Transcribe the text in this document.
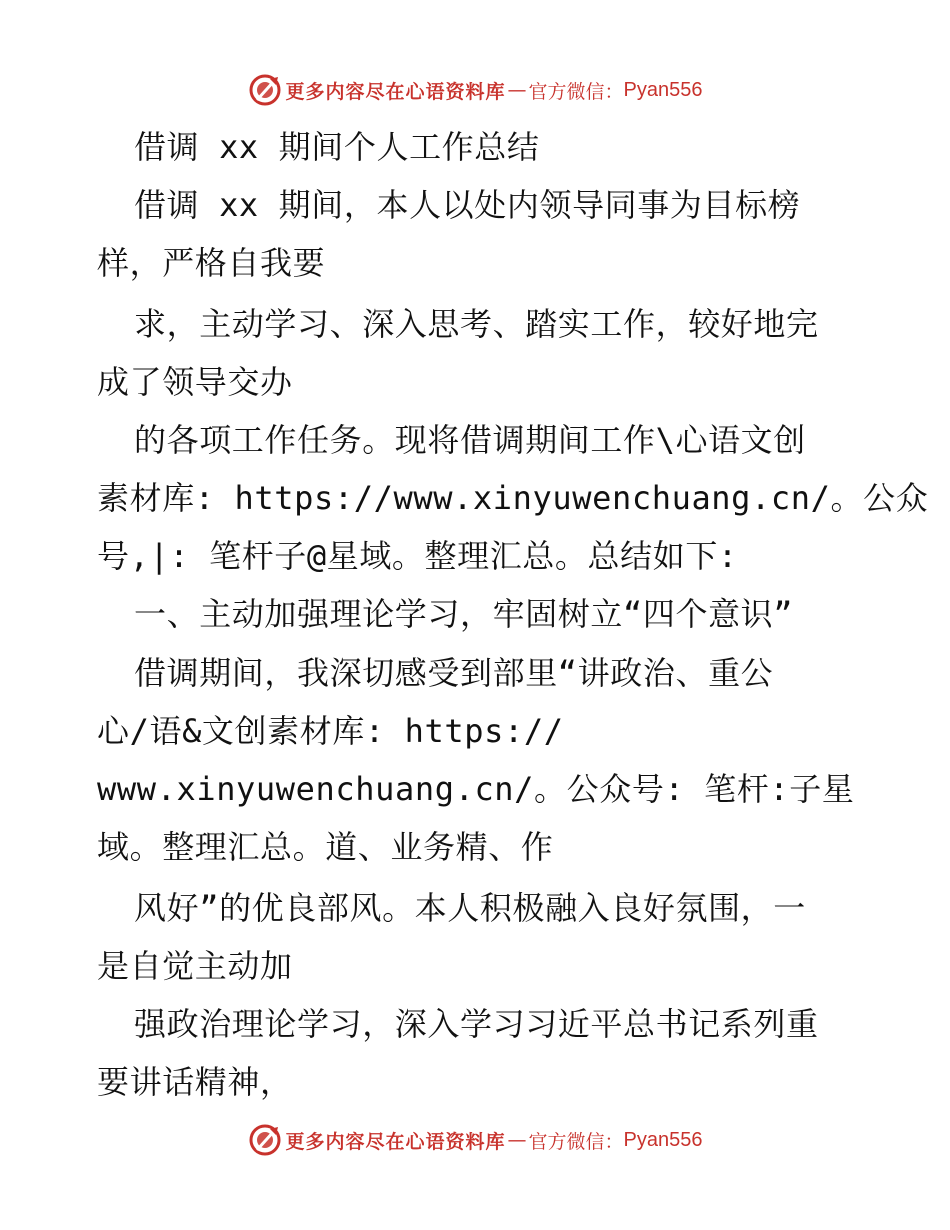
更多内容尽在心语资料库 — 官方微信： Pyan556
借调 xx 期间个人工作总结
借调 xx 期间，本人以处内领导同事为目标榜
样，严格自我要
求，主动学习、深入思考、踏实工作，较好地完
成了领导交办
的各项工作任务。现将借调期间工作\心语文创
素材库: https://www.xinyuwenchuang.cn/。公众
号,|: 笔杆子@星域。整理汇总。总结如下:
一、主动加强理论学习，牢固树立“四个意识”
借调期间，我深切感受到部里“讲政治、重公
心/语&文创素材库: https://
www.xinyuwenchuang.cn/。公众号: 笔杆:子星
域。整理汇总。道、业务精、作
风好”的优良部风。本人积极融入良好氛围，一
是自觉主动加
强政治理论学习，深入学习习近平总书记系列重
要讲话精神，
更多内容尽在心语资料库 — 官方微信： Pyan556
